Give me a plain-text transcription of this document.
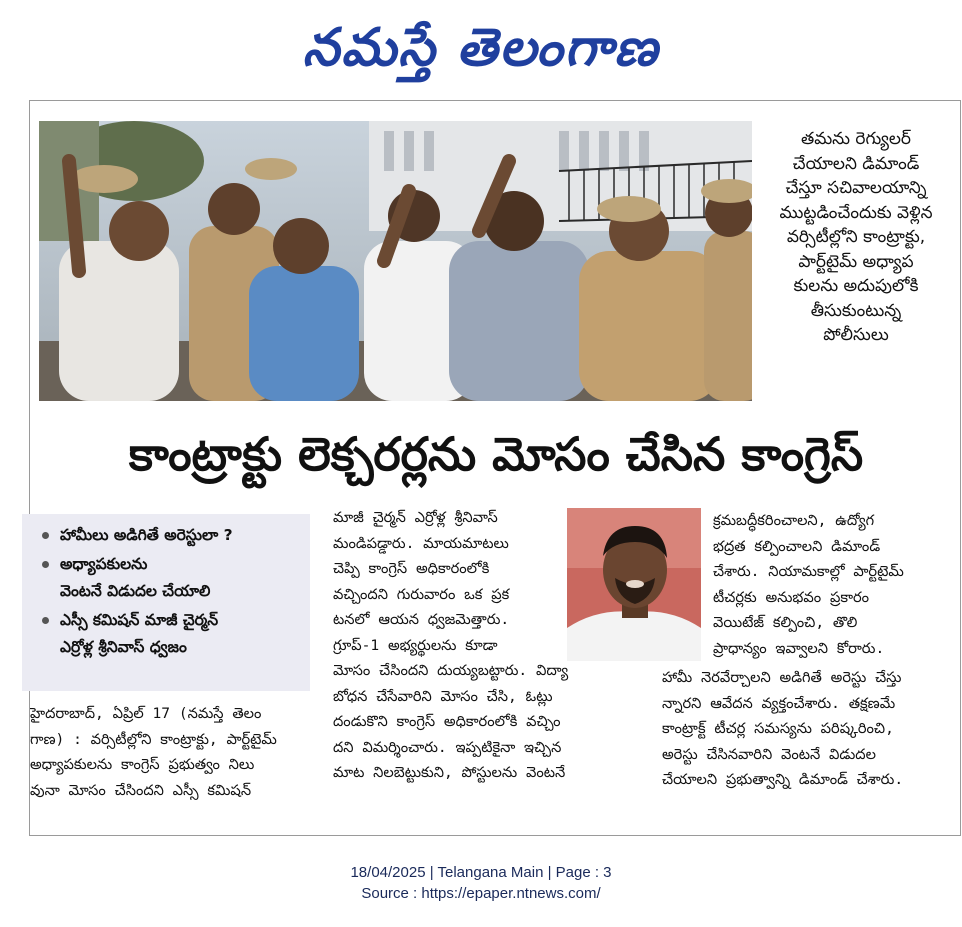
నమస్తే తెలంగాణ
తమను రెగ్యులర్
చేయాలని డిమాండ్
చేస్తూ సచివాలయాన్ని
ముట్టడించేందుకు వెళ్లిన
వర్సిటీల్లోని కాంట్రాక్టు,
పార్ట్‌టైమ్ అధ్యాప
కులను అదుపులోకి
తీసుకుంటున్న
పోలీసులు
కాంట్రాక్టు లెక్చరర్లను మోసం చేసిన కాంగ్రెస్
హామీలు అడిగితే అరెస్టులా ?
అధ్యాపకులను
వెంటనే విడుదల చేయాలి
ఎస్సీ కమిషన్ మాజీ చైర్మన్
ఎర్రోళ్ల శ్రీనివాస్ ధ్వజం

హైదరాబాద్, ఏప్రిల్ 17 (నమస్తే తెలం

గాణ) : వర్సిటీల్లోని కాంట్రాక్టు, పార్ట్‌టైమ్

అధ్యాపకులను కాంగ్రెస్ ప్రభుత్వం నిలు

వునా మోసం చేసిందని ఎస్సీ కమిషన్

మాజీ చైర్మన్ ఎర్రోళ్ల శ్రీనివాస్

మండిపడ్డారు. మాయమాటలు

చెప్పి కాంగ్రెస్ అధికారంలోకి

వచ్చిందని గురువారం ఒక ప్రక

టనలో ఆయన ధ్వజమెత్తారు.

గ్రూప్-1 అభ్యర్థులను కూడా

మోసం చేసిందని దుయ్యబట్టారు. విద్యా

బోధన చేసేవారిని మోసం చేసి, ఓట్లు

దండుకొని కాంగ్రెస్ అధికారంలోకి వచ్చిం

దని విమర్శించారు. ఇప్పటికైనా ఇచ్చిన

మాట నిలబెట్టుకుని, పోస్టులను వెంటనే

క్రమబద్ధీకరించాలని, ఉద్యోగ

భద్రత కల్పించాలని డిమాండ్

చేశారు. నియామకాల్లో పార్ట్‌టైమ్

టీచర్లకు అనుభవం ప్రకారం

వెయిటేజ్ కల్పించి, తొలి

ప్రాధాన్యం ఇవ్వాలని కోరారు.

హామీ నెరవేర్చాలని అడిగితే అరెస్టు చేస్తు

న్నారని ఆవేదన వ్యక్తంచేశారు. తక్షణమే

కాంట్రాక్ట్ టీచర్ల సమస్యను పరిష్కరించి,

అరెస్టు చేసినవారిని వెంటనే విడుదల

చేయాలని ప్రభుత్వాన్ని డిమాండ్ చేశారు.

18/04/2025 | Telangana Main | Page : 3
Source : https://epaper.ntnews.com/
